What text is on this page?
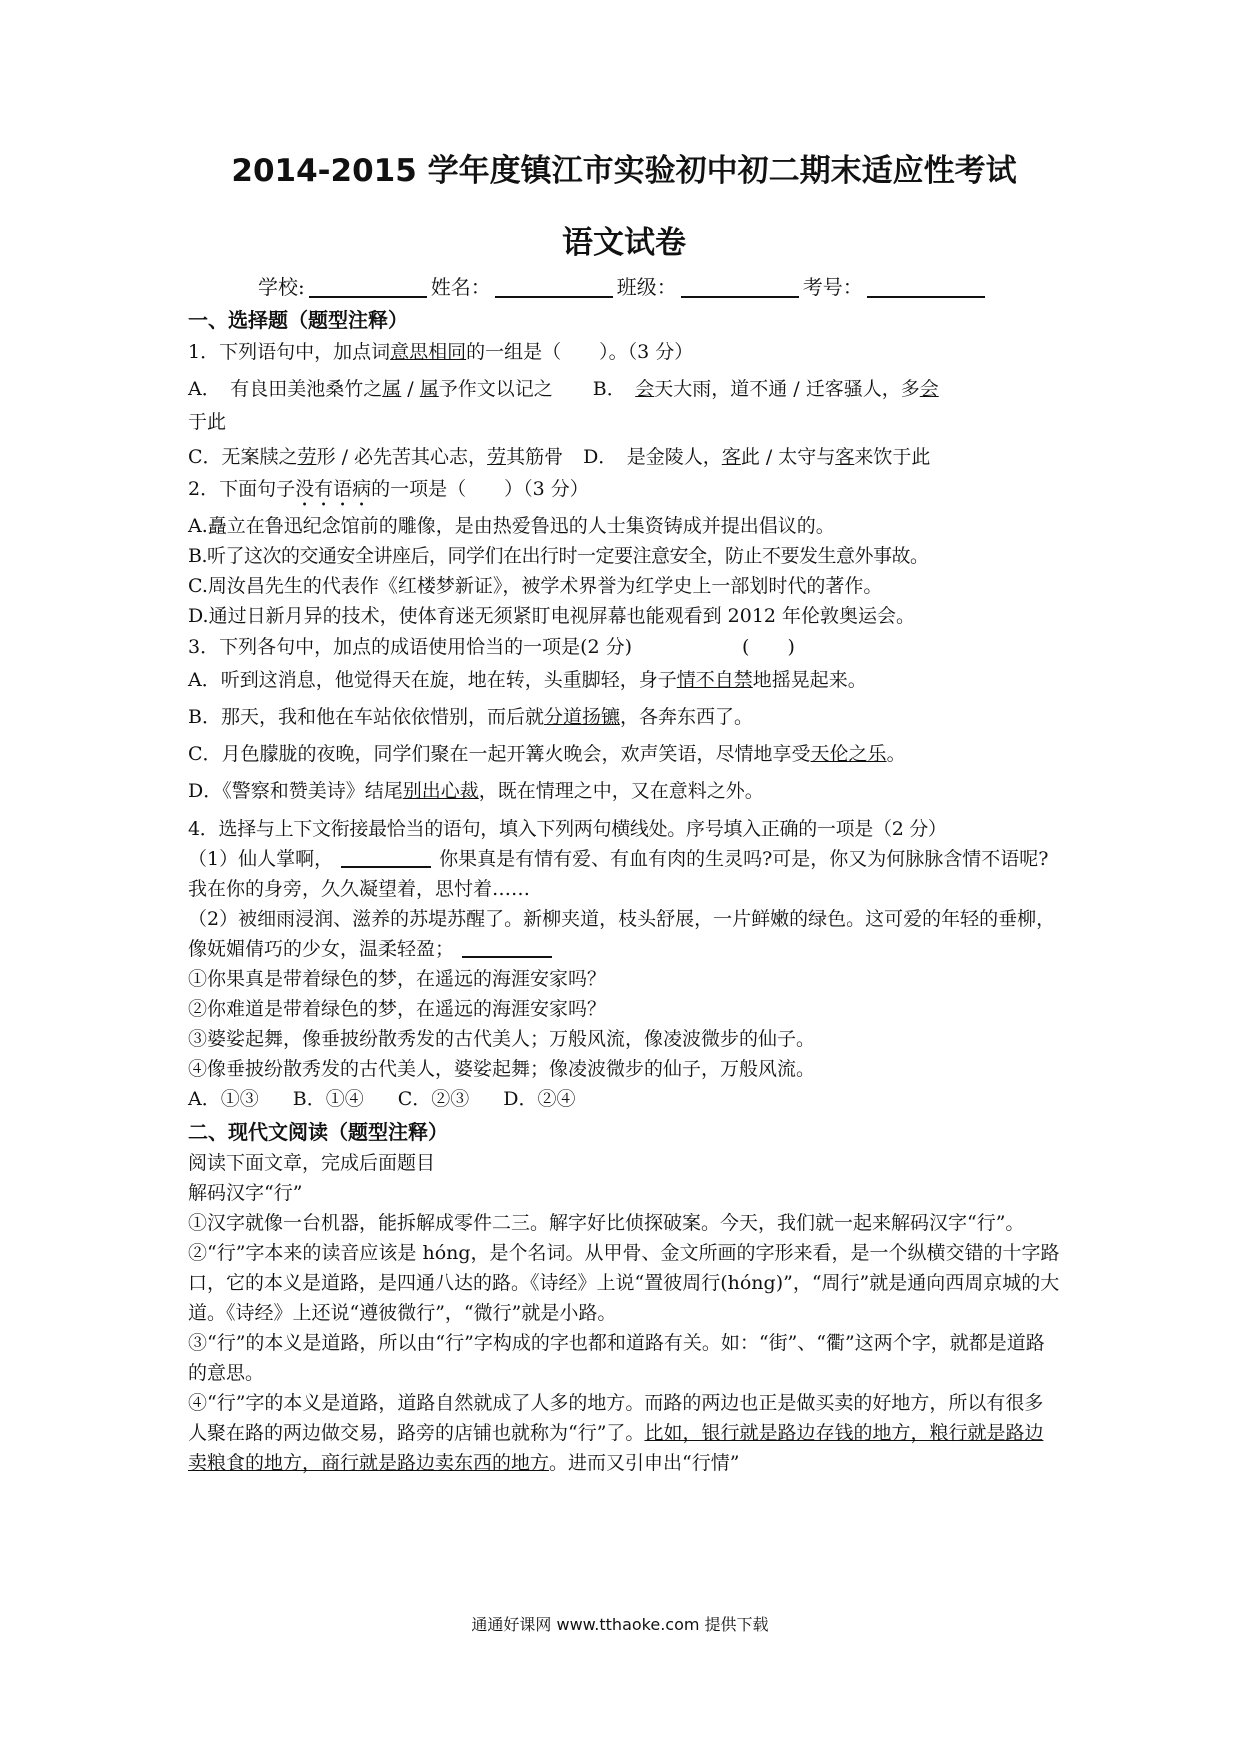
2014-2015 学年度镇江市实验初中初二期末适应性考试
语文试卷
学校:	姓名：	班级：	考号：
一、选择题（题型注释）

1．下列语句中，加点词意思相同的一组是（　　）。（3 分）

A．　有良田美池桑竹之属 / 属予作文以记之 B．　会天大雨，道不通 / 迁客骚人，多会
于此

C．无案牍之劳形 / 必先苦其心志，劳其筋骨 D．　是金陵人，客此 / 太守与客来饮于此

2．下面句子没有语病的一项是（　　）（3 分）

A.矗立在鲁迅纪念馆前的雕像，是由热爱鲁迅的人士集资铸成并提出倡议的。

B.听了这次的交通安全讲座后，同学们在出行时一定要注意安全，防止不要发生意外事故。

C.周汝昌先生的代表作《红楼梦新证》，被学术界誉为红学史上一部划时代的著作。

D.通过日新月异的技术，使体育迷无须紧盯电视屏幕也能观看到 2012 年伦敦奥运会。

3．下列各句中，加点的成语使用恰当的一项是(2 分)	(　　)

A．听到这消息，他觉得天在旋，地在转，头重脚轻，身子情不自禁地摇晃起来。

B．那天，我和他在车站依依惜别，而后就分道扬镳，各奔东西了。

C．月色朦胧的夜晚，同学们聚在一起开篝火晚会，欢声笑语，尽情地享受天伦之乐。

D．《警察和赞美诗》结尾别出心裁，既在情理之中，又在意料之外。

4．选择与上下文衔接最恰当的语句，填入下列两句横线处。序号填入正确的一项是（2 分）

（1）仙人掌啊，	你果真是有情有爱、有血有肉的生灵吗?可是，你又为何脉脉含情不语呢?我在你的身旁，久久凝望着，思忖着……

（2）被细雨浸润、滋养的苏堤苏醒了。新柳夹道，枝头舒展，一片鲜嫩的绿色。这可爱的年轻的垂柳，像妩媚倩巧的少女，温柔轻盈；

①你果真是带着绿色的梦，在遥远的海涯安家吗？

②你难道是带着绿色的梦，在遥远的海涯安家吗？

③婆娑起舞，像垂披纷散秀发的古代美人；万般风流，像凌波微步的仙子。

④像垂披纷散秀发的古代美人，婆娑起舞；像凌波微步的仙子，万般风流。

A．①③ B．①④ C．②③ D．②④

二、现代文阅读（题型注释）

阅读下面文章，完成后面题目

解码汉字“行”

①汉字就像一台机器，能拆解成零件二三。解字好比侦探破案。今天，我们就一起来解码汉字“行”。

②“行”字本来的读音应该是 hóng，是个名词。从甲骨、金文所画的字形来看，是一个纵横交错的十字路口，它的本义是道路，是四通八达的路。《诗经》上说“置彼周行(hóng)”，“周行”就是通向西周京城的大道。《诗经》上还说“遵彼微行”，“微行”就是小路。

③“行”的本义是道路，所以由“行”字构成的字也都和道路有关。如：“街”、“衢”这两个字，就都是道路的意思。

④“行”字的本义是道路，道路自然就成了人多的地方。而路的两边也正是做买卖的好地方，所以有很多人聚在路的两边做交易，路旁的店铺也就称为“行”了。比如，银行就是路边存钱的地方，粮行就是路边卖粮食的地方，商行就是路边卖东西的地方。进而又引申出“行情”

通通好课网 www.tthaoke.com 提供下载
